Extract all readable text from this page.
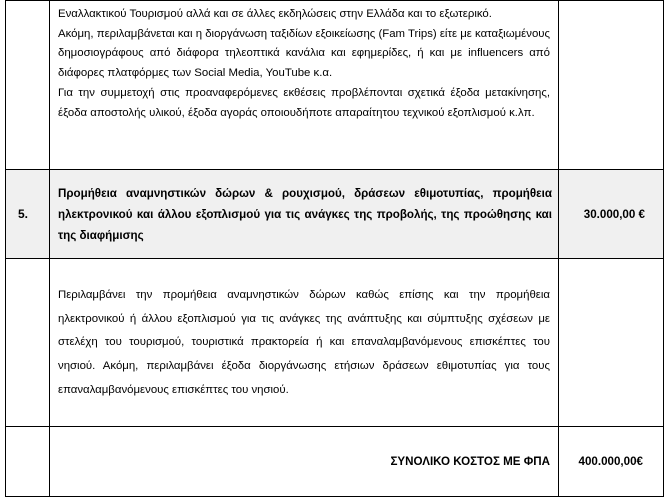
	Εναλλακτικού Τουρισμού αλλά και σε άλλες εκδηλώσεις στην Ελλάδα και το εξωτερικό.

Ακόμη, περιλαμβάνεται και η διοργάνωση ταξιδίων εξοικείωσης (Fam Trips) είτε με καταξιωμένους δημοσιογράφους από διάφορα τηλεοπτικά κανάλια και εφημερίδες, ή και με influencers από διάφορες πλατφόρμες των Social Media, YouTube κ.α.

Για την συμμετοχή στις προαναφερόμενες εκθέσεις προβλέπονται σχετικά έξοδα μετακίνησης, έξοδα αποστολής υλικού, έξοδα αγοράς οποιουδήποτε απαραίτητου τεχνικού εξοπλισμού κ.λπ.	

5.	Προμήθεια αναμνηστικών δώρων & ρουχισμού, δράσεων εθιμοτυπίας, προμήθεια ηλεκτρονικού και άλλου εξοπλισμού για τις ανάγκες της προβολής, της προώθησης και της διαφήμισης	30.000,00 €

	Περιλαμβάνει την προμήθεια αναμνηστικών δώρων καθώς επίσης και την προμήθεια ηλεκτρονικού ή άλλου εξοπλισμού για τις ανάγκες της ανάπτυξης και σύμπτυξης σχέσεων με στελέχη του τουρισμού, τουριστικά πρακτορεία ή και επαναλαμβανόμενους επισκέπτες του νησιού. Ακόμη, περιλαμβάνει έξοδα διοργάνωσης ετήσιων δράσεων εθιμοτυπίας για τους επαναλαμβανόμενους επισκέπτες του νησιού.	

	ΣΥΝΟΛΙΚΟ ΚΟΣΤΟΣ ΜΕ ΦΠΑ	400.000,00€
